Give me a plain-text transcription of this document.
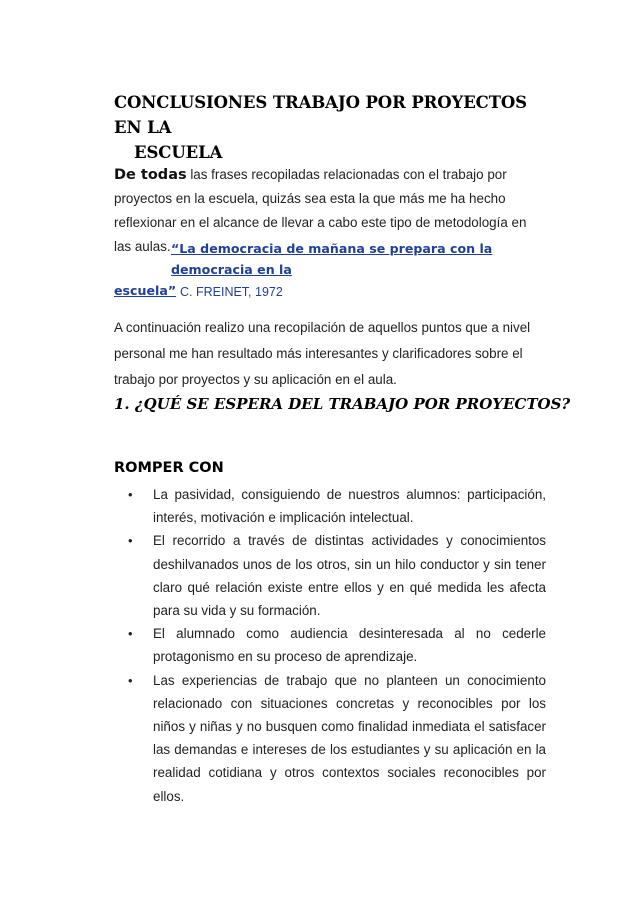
CONCLUSIONES TRABAJO POR PROYECTOS EN LA
ESCUELA
De todas las frases recopiladas relacionadas con el trabajo por proyectos en la escuela, quizás sea esta la que más me ha hecho reflexionar en el alcance de llevar a cabo este tipo de metodología en las aulas. “La democracia de mañana se prepara con la democracia en la
escuela” C. FREINET, 1972
A continuación realizo una recopilación de aquellos puntos que a nivel personal me han resultado más interesantes y clarificadores sobre el trabajo por proyectos y su aplicación en el aula.
1. ¿QUÉ SE ESPERA DEL TRABAJO POR PROYECTOS?
ROMPER CON
• La pasividad, consiguiendo de nuestros alumnos: participación, interés, motivación e implicación intelectual.
• El recorrido a través de distintas actividades y conocimientos deshilvanados unos de los otros, sin un hilo conductor y sin tener claro qué relación existe entre ellos y en qué medida les afecta para su vida y su formación.
• El alumnado como audiencia desinteresada al no cederle protagonismo en su proceso de aprendizaje.
• Las experiencias de trabajo que no planteen un conocimiento relacionado con situaciones concretas y reconocibles por los niños y niñas y no busquen como finalidad inmediata el satisfacer las demandas e intereses de los estudiantes y su aplicación en la realidad cotidiana y otros contextos sociales reconocibles por ellos.
